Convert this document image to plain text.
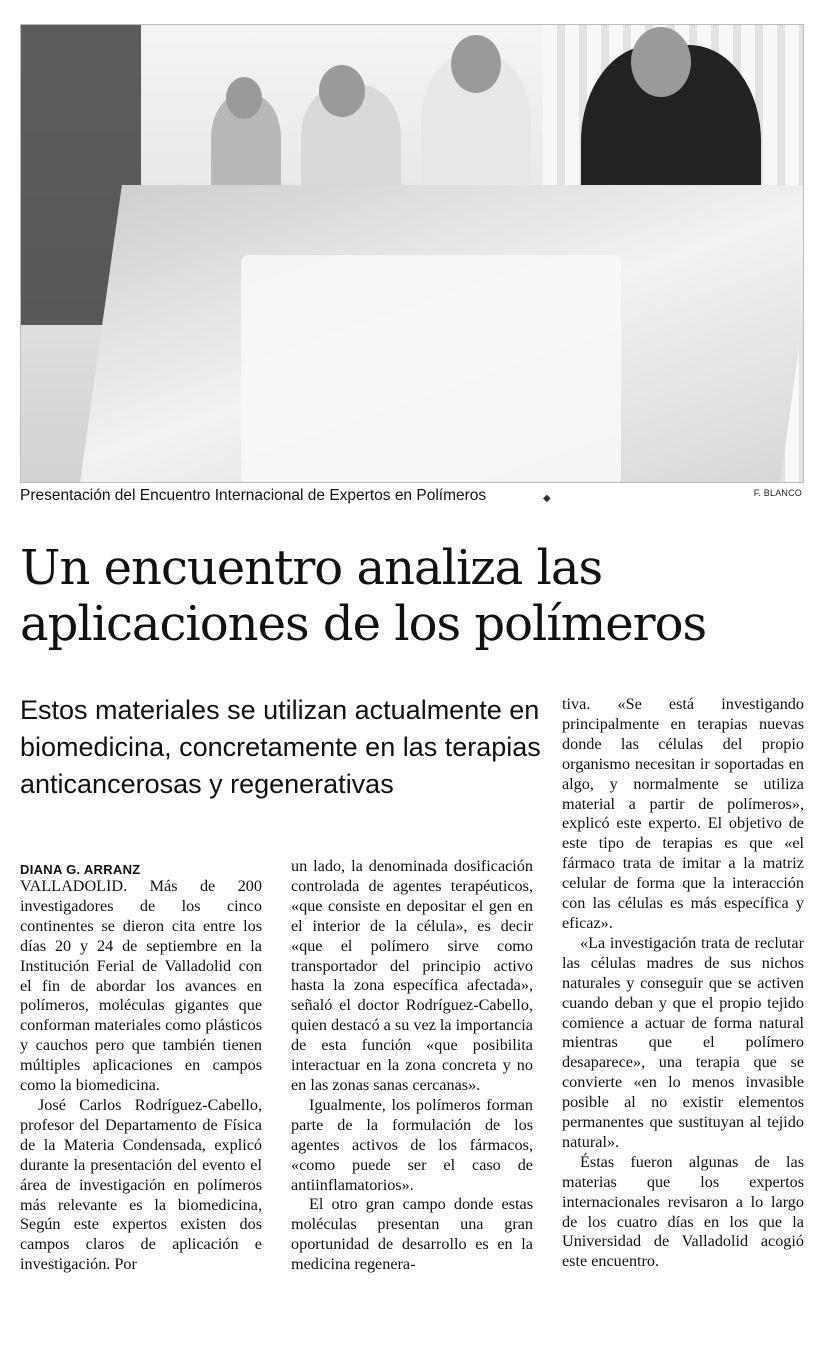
Presentación del Encuentro Internacional de Expertos en Polímeros	◆	F. BLANCO
Un encuentro analiza las aplicaciones de los polímeros

Estos materiales se utilizan actualmente en biomedicina, concretamente en las terapias anticancerosas y regenerativas

DIANA G. ARRANZ

VALLADOLID. Más de 200 investigadores de los cinco continentes se dieron cita entre los días 20 y 24 de septiembre en la Institución Ferial de Valladolid con el fin de abordar los avances en polímeros, moléculas gigantes que conforman materiales como plásticos y cauchos pero que también tienen múltiples aplicaciones en campos como la biomedicina.

José Carlos Rodríguez-Cabello, profesor del Departamento de Física de la Materia Condensada, explicó durante la presentación del evento el área de investigación en polímeros más relevante es la biomedicina, Según este expertos existen dos campos claros de aplicación e investigación. Por

un lado, la denominada dosificación controlada de agentes terapéuticos, «que consiste en depositar el gen en el interior de la célula», es decir «que el polímero sirve como transportador del principio activo hasta la zona específica afectada», señaló el doctor Rodríguez-Cabello, quien destacó a su vez la importancia de esta función «que posibilita interactuar en la zona concreta y no en las zonas sanas cercanas».

Igualmente, los polímeros forman parte de la formulación de los agentes activos de los fármacos, «como puede ser el caso de antiinflamatorios».

El otro gran campo donde estas moléculas presentan una gran oportunidad de desarrollo es en la medicina regenera-

tiva. «Se está investigando principalmente en terapias nuevas donde las células del propio organismo necesitan ir soportadas en algo, y normalmente se utiliza material a partir de polímeros», explicó este experto. El objetivo de este tipo de terapias es que «el fármaco trata de imitar a la matriz celular de forma que la interacción con las células es más específica y eficaz».

«La investigación trata de reclutar las células madres de sus nichos naturales y conseguir que se activen cuando deban y que el propio tejido comience a actuar de forma natural mientras que el polímero desaparece», una terapia que se convierte «en lo menos invasible posible al no existir elementos permanentes que sustituyan al tejido natural».

Éstas fueron algunas de las materias que los expertos internacionales revisaron a lo largo de los cuatro días en los que la Universidad de Valladolid acogió este encuentro.
